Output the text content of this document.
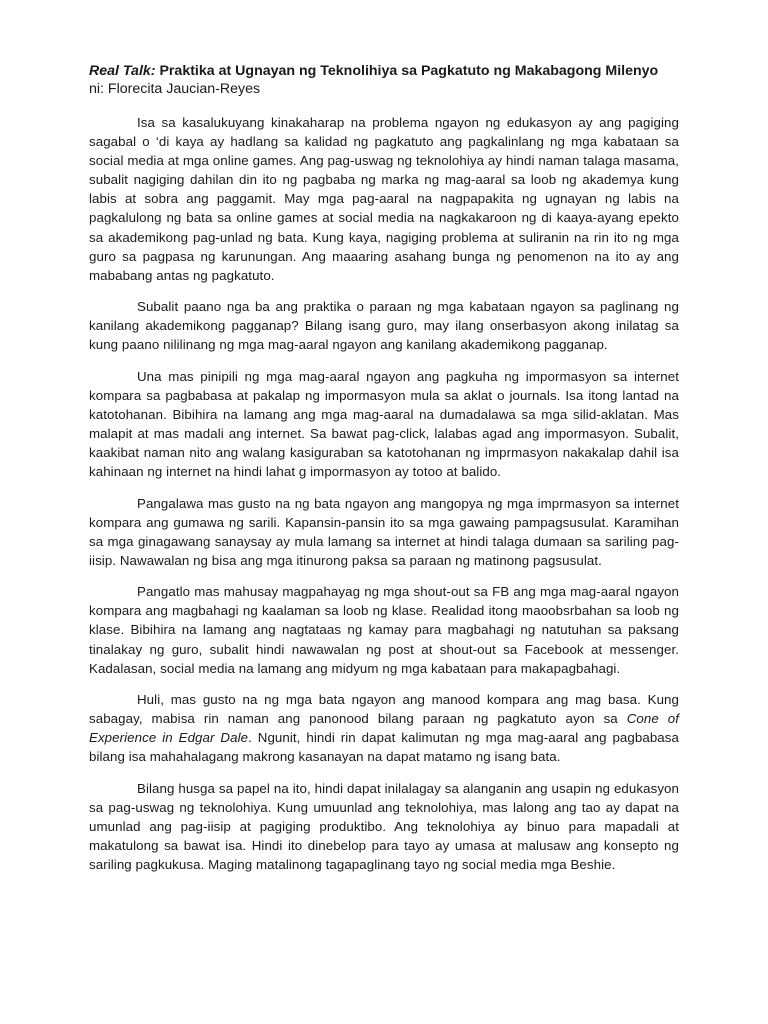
Real Talk: Praktika at Ugnayan ng Teknolihiya sa Pagkatuto ng Makabagong Milenyo

ni: Florecita Jaucian-Reyes

Isa sa kasalukuyang kinakaharap na problema ngayon ng edukasyon ay ang pagiging sagabal o ‘di kaya ay hadlang sa kalidad ng pagkatuto ang pagkalinlang ng mga kabataan sa social media at mga online games. Ang pag-uswag ng teknolohiya ay hindi naman talaga masama, subalit nagiging dahilan din ito ng pagbaba ng marka ng mag-aaral sa loob ng akademya kung labis at sobra ang paggamit. May mga pag-aaral na nagpapakita ng ugnayan ng labis na pagkalulong ng bata sa online games at social media na nagkakaroon ng di kaaya-ayang epekto sa akademikong pag-unlad ng bata. Kung kaya, nagiging problema at suliranin na rin ito ng mga guro sa pagpasa ng karunungan. Ang maaaring asahang bunga ng penomenon na ito ay ang mababang antas ng pagkatuto.

Subalit paano nga ba ang praktika o paraan ng mga kabataan ngayon sa paglinang ng kanilang akademikong pagganap? Bilang isang guro, may ilang onserbasyon akong inilatag sa kung paano nililinang ng mga mag-aaral ngayon ang kanilang akademikong pagganap.

Una mas pinipili ng mga mag-aaral ngayon ang pagkuha ng impormasyon sa internet kompara sa pagbabasa at pakalap ng impormasyon mula sa aklat o journals. Isa itong lantad na katotohanan. Bibihira na lamang ang mga mag-aaral na dumadalawa sa mga silid-aklatan. Mas malapit at mas madali ang internet. Sa bawat pag-click, lalabas agad ang impormasyon. Subalit, kaakibat naman nito ang walang kasiguraban sa katotohanan ng imprmasyon nakakalap dahil isa kahinaan ng internet na hindi lahat g impormasyon ay totoo at balido.

Pangalawa mas gusto na ng bata ngayon ang mangopya ng mga imprmasyon sa internet kompara ang gumawa ng sarili. Kapansin-pansin ito sa mga gawaing pampagsusulat. Karamihan sa mga ginagawang sanaysay ay mula lamang sa internet at hindi talaga dumaan sa sariling pag-iisip. Nawawalan ng bisa ang mga itinurong paksa sa paraan ng matinong pagsusulat.

Pangatlo mas mahusay magpahayag ng mga shout-out sa FB ang mga mag-aaral ngayon kompara ang magbahagi ng kaalaman sa loob ng klase. Realidad itong maoobsrbahan sa loob ng klase. Bibihira na lamang ang nagtataas ng kamay para magbahagi ng natutuhan sa paksang tinalakay ng guro, subalit hindi nawawalan ng post at shout-out sa Facebook at messenger. Kadalasan, social media na lamang ang midyum ng mga kabataan para makapagbahagi.

Huli, mas gusto na ng mga bata ngayon ang manood kompara ang mag basa. Kung sabagay, mabisa rin naman ang panonood bilang paraan ng pagkatuto ayon sa Cone of Experience in Edgar Dale. Ngunit, hindi rin dapat kalimutan ng mga mag-aaral ang pagbabasa bilang isa mahahalagang makrong kasanayan na dapat matamo ng isang bata.

Bilang husga sa papel na ito, hindi dapat inilalagay sa alanganin ang usapin ng edukasyon sa pag-uswag ng teknolohiya. Kung umuunlad ang teknolohiya, mas lalong ang tao ay dapat na umunlad ang pag-iisip at pagiging produktibo. Ang teknolohiya ay binuo para mapadali at makatulong sa bawat isa. Hindi ito dinebelop para tayo ay umasa at malusaw ang konsepto ng sariling pagkukusa. Maging matalinong tagapaglinang tayo ng social media mga Beshie.
